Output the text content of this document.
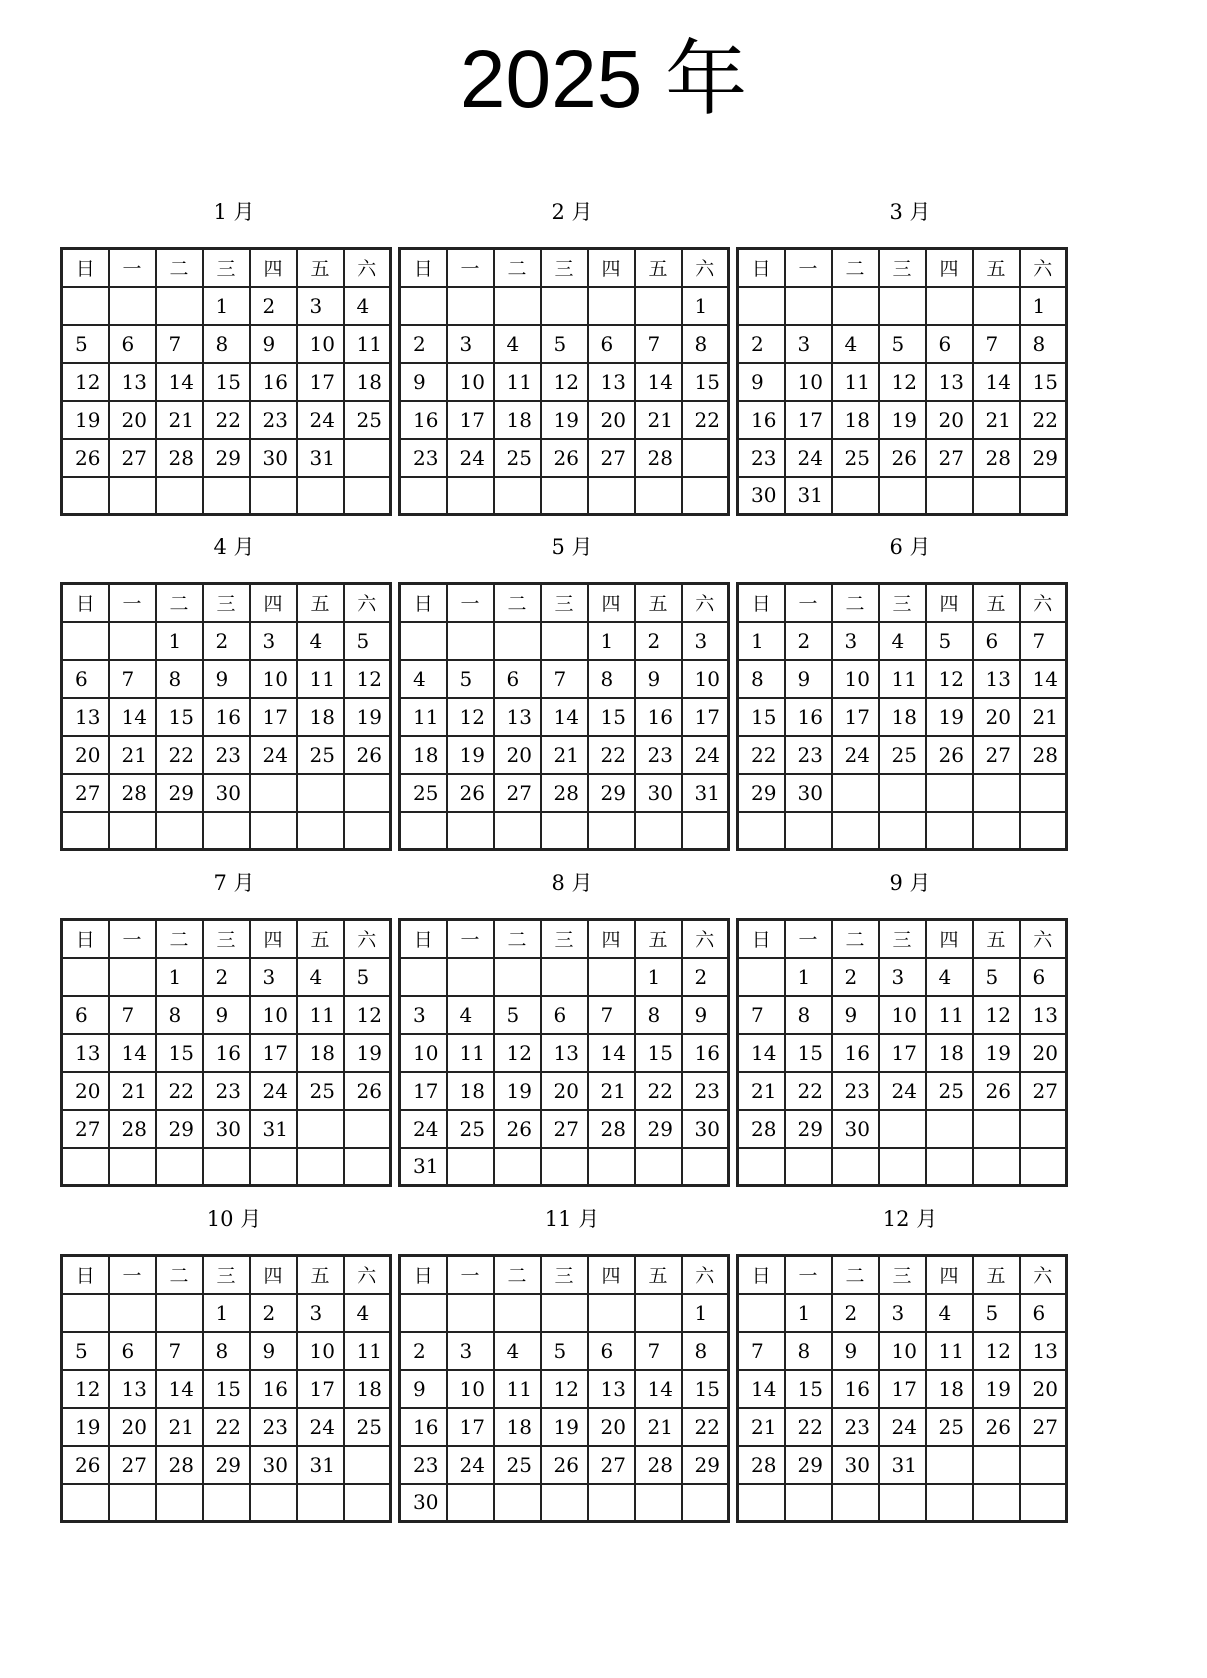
2025 年
1 月
日	一	二	三	四	五	六
			1	2	3	4
5	6	7	8	9	10	11
12	13	14	15	16	17	18
19	20	21	22	23	24	25
26	27	28	29	30	31	

2 月
日	一	二	三	四	五	六
						1
2	3	4	5	6	7	8
9	10	11	12	13	14	15
16	17	18	19	20	21	22
23	24	25	26	27	28	

3 月
日	一	二	三	四	五	六
						1
2	3	4	5	6	7	8
9	10	11	12	13	14	15
16	17	18	19	20	21	22
23	24	25	26	27	28	29
30	31					
4 月
日	一	二	三	四	五	六
		1	2	3	4	5
6	7	8	9	10	11	12
13	14	15	16	17	18	19
20	21	22	23	24	25	26
27	28	29	30			

5 月
日	一	二	三	四	五	六
				1	2	3
4	5	6	7	8	9	10
11	12	13	14	15	16	17
18	19	20	21	22	23	24
25	26	27	28	29	30	31

6 月
日	一	二	三	四	五	六
1	2	3	4	5	6	7
8	9	10	11	12	13	14
15	16	17	18	19	20	21
22	23	24	25	26	27	28
29	30					

7 月
日	一	二	三	四	五	六
		1	2	3	4	5
6	7	8	9	10	11	12
13	14	15	16	17	18	19
20	21	22	23	24	25	26
27	28	29	30	31		

8 月
日	一	二	三	四	五	六
					1	2
3	4	5	6	7	8	9
10	11	12	13	14	15	16
17	18	19	20	21	22	23
24	25	26	27	28	29	30
31						
9 月
日	一	二	三	四	五	六
	1	2	3	4	5	6
7	8	9	10	11	12	13
14	15	16	17	18	19	20
21	22	23	24	25	26	27
28	29	30				

10 月
日	一	二	三	四	五	六
			1	2	3	4
5	6	7	8	9	10	11
12	13	14	15	16	17	18
19	20	21	22	23	24	25
26	27	28	29	30	31	

11 月
日	一	二	三	四	五	六
						1
2	3	4	5	6	7	8
9	10	11	12	13	14	15
16	17	18	19	20	21	22
23	24	25	26	27	28	29
30						
12 月
日	一	二	三	四	五	六
	1	2	3	4	5	6
7	8	9	10	11	12	13
14	15	16	17	18	19	20
21	22	23	24	25	26	27
28	29	30	31			
